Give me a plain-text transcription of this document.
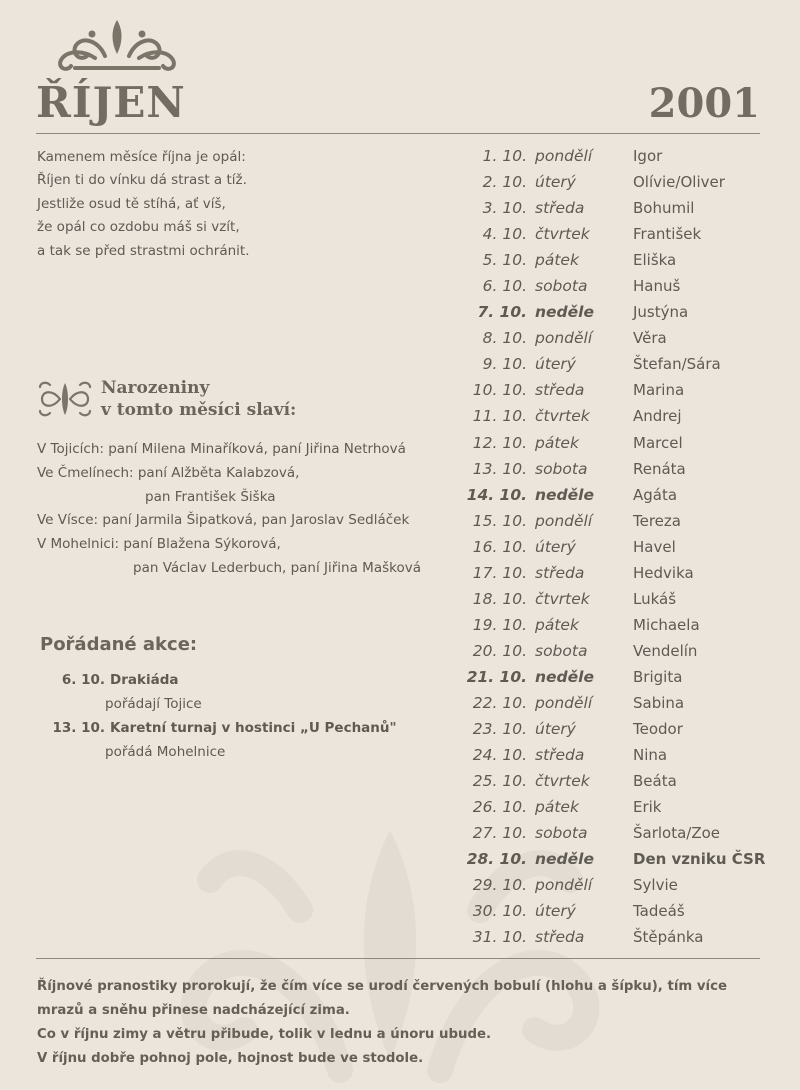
ŘÍJEN	2001
Kamenem měsíce října je opál:
Říjen ti do vínku dá strast a tíž.
Jestliže osud tě stíhá, ať víš,
že opál co ozdobu máš si vzít,
a tak se před strastmi ochránit.
Narozeniny
v tomto měsíci slaví:
V Tojicích: paní Milena Minaříková, paní Jiřina Netrhová
Ve Čmelínech: paní Alžběta Kalabzová,
pan František Šiška
Ve Vísce: paní Jarmila Šipatková, pan Jaroslav Sedláček
V Mohelnici: paní Blažena Sýkorová,
pan Václav Lederbuch, paní Jiřina Mašková
Pořádané akce:
6. 10. Drakiáda
pořádají Tojice
13. 10. Karetní turnaj v hostinci „U Pechanů"
pořádá Mohelnice
1. 10. pondělí	Igor
2. 10. úterý	Olívie/Oliver
3. 10. středa	Bohumil
4. 10. čtvrtek	František
5. 10. pátek	Eliška
6. 10. sobota	Hanuš
7. 10. neděle	Justýna
8. 10. pondělí	Věra
9. 10. úterý	Štefan/Sára
10. 10. středa	Marina
11. 10. čtvrtek	Andrej
12. 10. pátek	Marcel
13. 10. sobota	Renáta
14. 10. neděle	Agáta
15. 10. pondělí	Tereza
16. 10. úterý	Havel
17. 10. středa	Hedvika
18. 10. čtvrtek	Lukáš
19. 10. pátek	Michaela
20. 10. sobota	Vendelín
21. 10. neděle	Brigita
22. 10. pondělí	Sabina
23. 10. úterý	Teodor
24. 10. středa	Nina
25. 10. čtvrtek	Beáta
26. 10. pátek	Erik
27. 10. sobota	Šarlota/Zoe
28. 10. neděle	Den vzniku ČSR
29. 10. pondělí	Sylvie
30. 10. úterý	Tadeáš
31. 10. středa	Štěpánka
Říjnové pranostiky prorokují, že čím více se urodí červených bobulí (hlohu a šípku), tím více
mrazů a sněhu přinese nadcházející zima.
Co v říjnu zimy a větru přibude, tolik v lednu a únoru ubude.
V říjnu dobře pohnoj pole, hojnost bude ve stodole.
